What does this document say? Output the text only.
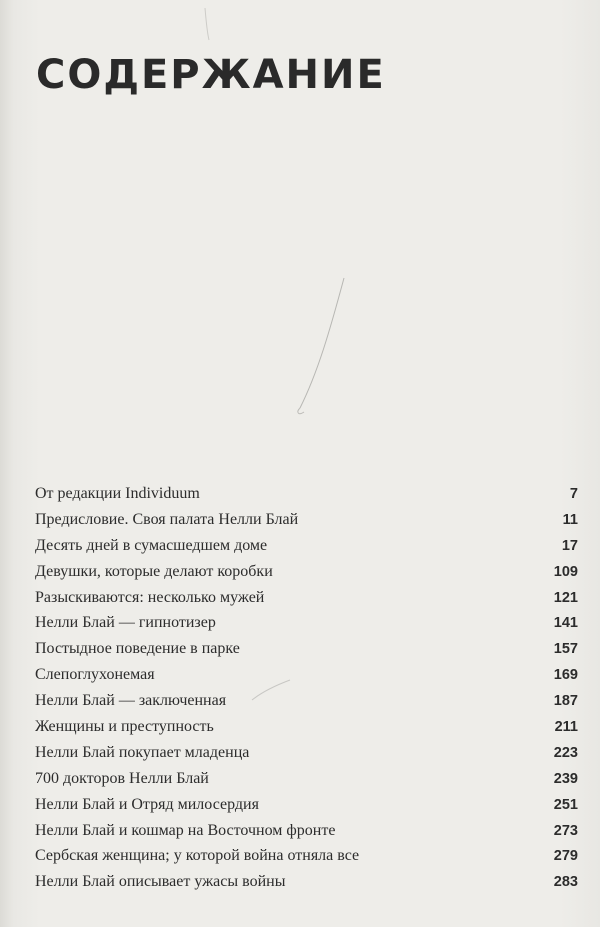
СОДЕРЖАНИЕ
От редакции Individuum	7
Предисловие. Своя палата Нелли Блай	11
Десять дней в сумасшедшем доме	17
Девушки, которые делают коробки	109
Разыскиваются: несколько мужей	121
Нелли Блай — гипнотизер	141
Постыдное поведение в парке	157
Слепоглухонемая	169
Нелли Блай — заключенная	187
Женщины и преступность	211
Нелли Блай покупает младенца	223
700 докторов Нелли Блай	239
Нелли Блай и Отряд милосердия	251
Нелли Блай и кошмар на Восточном фронте	273
Сербская женщина; у которой война отняла все	279
Нелли Блай описывает ужасы войны	283
